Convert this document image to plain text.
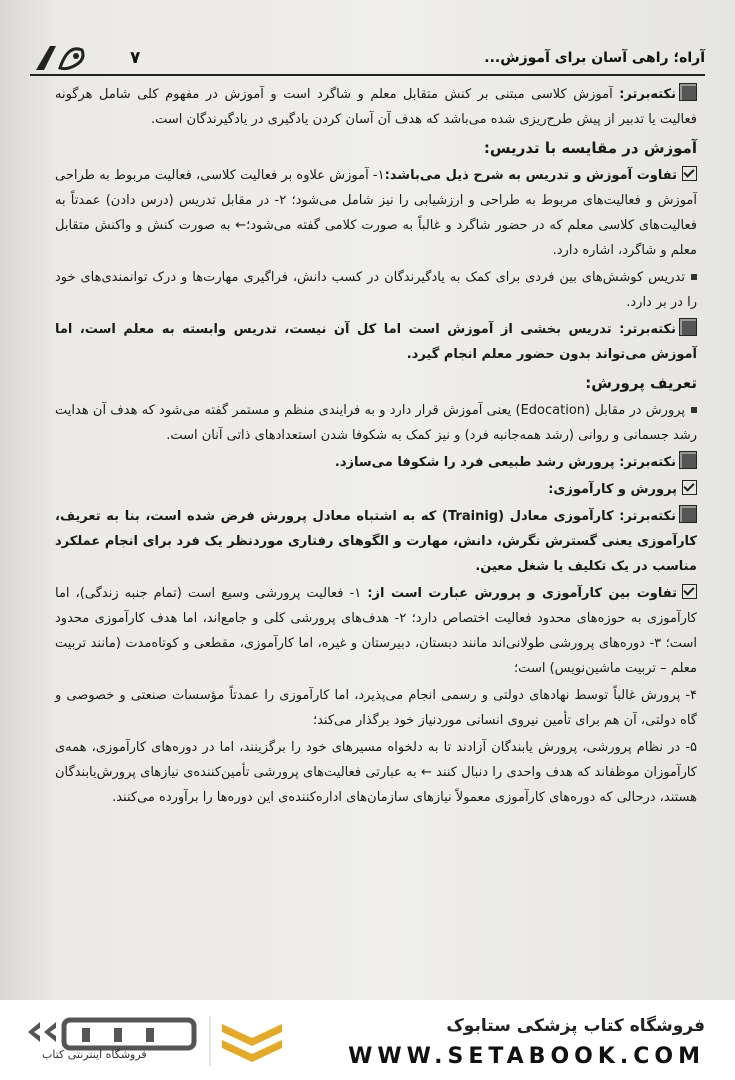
۷	آراه؛ راهی آسان برای آموزش...

نکته‌برتر: آموزش کلاسی مبتنی بر کنش متقابل معلم و شاگرد است و آموزش در مفهوم کلی شامل هرگونه فعالیت یا تدبیر از پیش طرح‌ریزی شده می‌باشد که هدف آن آسان کردن یادگیری در یادگیرندگان است.

آموزش در مقایسه با تدریس:

تفاوت آموزش و تدریس به شرح ذیل می‌باشد:۱- آموزش علاوه بر فعالیت کلاسی، فعالیت مربوط به طراحی آموزش و فعالیت‌های مربوط به طراحی و ارزشیابی را نیز شامل می‌شود؛ ۲- در مقابل تدریس (درس دادن) عمدتاً به فعالیت‌های کلاسی معلم که در حضور شاگرد و غالباً به صورت کلامی گفته می‌شود؛← به صورت کنش و واکنش متقابل معلم و شاگرد، اشاره دارد.

تدریس کوشش‌های بین فردی برای کمک به یادگیرندگان در کسب دانش، فراگیری مهارت‌ها و درک توانمندی‌های خود را در بر دارد.

نکته‌برتر: تدریس بخشی از آموزش است اما کل آن نیست، تدریس وابسته به معلم است، اما آموزش می‌تواند بدون حضور معلم انجام گیرد.

تعریف پرورش:

پرورش در مقابل (Edocation) یعنی آموزش قرار دارد و به فرایندی منظم و مستمر گفته می‌شود که هدف آن هدایت رشد جسمانی و روانی (رشد همه‌جانبه فرد) و نیز کمک به شکوفا شدن استعدادهای ذاتی آنان است.

نکته‌برتر: پرورش رشد طبیعی فرد را شکوفا می‌سازد.

پرورش و کارآموزی:

نکته‌برتر: کارآموزی معادل (Trainig) که به اشتباه معادل پرورش فرض شده است، بنا به تعریف، کارآموزی یعنی گسترش نگرش، دانش، مهارت و الگوهای رفتاری موردنظر یک فرد برای انجام عملکرد مناسب در یک تکلیف یا شغل معین.

تفاوت بین کارآموزی و پرورش عبارت است از: ۱- فعالیت پرورشی وسیع است (تمام جنبه زندگی)، اما کارآموزی به حوزه‌های محدود فعالیت اختصاص دارد؛ ۲- هدف‌های پرورشی کلی و جامع‌اند، اما هدف کارآموزی محدود است؛ ۳- دوره‌های پرورشی طولانی‌اند مانند دبستان، دبیرستان و غیره، اما کارآموزی، مقطعی و کوتاه‌مدت (مانند تربیت معلم – تربیت ماشین‌نویس) است؛

۴- پرورش غالباً توسط نهادهای دولتی و رسمی انجام می‌پذیرد، اما کارآموزی را عمدتاً مؤسسات صنعتی و خصوصی و گاه دولتی، آن هم برای تأمین نیروی انسانی موردنیاز خود برگذار می‌کند؛

۵- در نظام پرورشی، پرورش یابندگان آزادند تا به دلخواه مسیرهای خود را برگزینند، اما در دوره‌های کارآموزی، همه‌ی کارآموزان موظفاند که هدف واحدی را دنبال کنند ← به عبارتی فعالیت‌های پرورشی تأمین‌کننده‌ی نیازهای پرورش‌یابندگان هستند، درحالی که دوره‌های کارآموزی معمولاً نیازهای سازمان‌های اداره‌کننده‌ی این دوره‌ها را برآورده می‌کنند.

فروشگاه اینترنتی کتاب
فروشگاه کتاب پزشکی ستابوک
WWW.SETABOOK.COM
